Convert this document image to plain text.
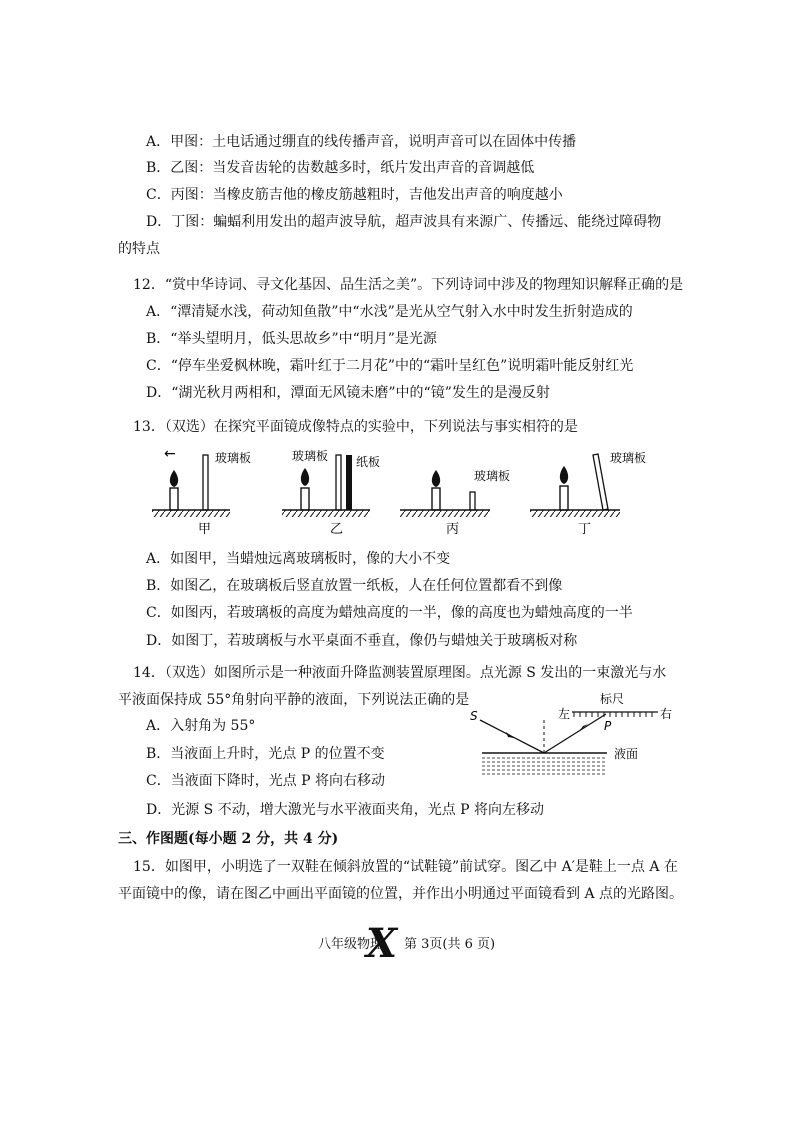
A．甲图：土电话通过绷直的线传播声音，说明声音可以在固体中传播
B．乙图：当发音齿轮的齿数越多时，纸片发出声音的音调越低
C．丙图：当橡皮筋吉他的橡皮筋越粗时，吉他发出声音的响度越小
D．丁图：蝙蝠利用发出的超声波导航，超声波具有来源广、传播远、能绕过障碍物
的特点
12．“赏中华诗词、寻文化基因、品生活之美”。下列诗词中涉及的物理知识解释正确的是
A．“潭清疑水浅，荷动知鱼散”中“水浅”是光从空气射入水中时发生折射造成的
B．“举头望明月，低头思故乡”中“明月”是光源
C．“停车坐爱枫林晚，霜叶红于二月花”中的“霜叶呈红色”说明霜叶能反射红光
D．“湖光秋月两相和，潭面无风镜未磨”中的“镜”发生的是漫反射
13．（双选）在探究平面镜成像特点的实验中，下列说法与事实相符的是
←	玻璃板
甲
玻璃板 纸板
乙
玻璃板
丙
玻璃板
丁
A．如图甲，当蜡烛远离玻璃板时，像的大小不变
B．如图乙，在玻璃板后竖直放置一纸板，人在任何位置都看不到像
C．如图丙，若玻璃板的高度为蜡烛高度的一半，像的高度也为蜡烛高度的一半
D．如图丁，若玻璃板与水平桌面不垂直，像仍与蜡烛关于玻璃板对称
14．（双选）如图所示是一种液面升降监测装置原理图。点光源 S 发出的一束激光与水
平液面保持成 55°角射向平静的液面，下列说法正确的是
A．入射角为 55°
B．当液面上升时，光点 P 的位置不变
C．当液面下降时，光点 P 将向右移动
D．光源 S 不动，增大激光与水平液面夹角，光点 P 将向左移动
左
标尺
右
S
P
液面
三、作图题(每小题 2 分，共 4 分)
15．如图甲，小明选了一双鞋在倾斜放置的“试鞋镜”前试穿。图乙中 A′是鞋上一点 A 在
平面镜中的像，请在图乙中画出平面镜的位置，并作出小明通过平面镜看到 A 点的光路图。
八年级物理
X 第 3页(共 6 页)
